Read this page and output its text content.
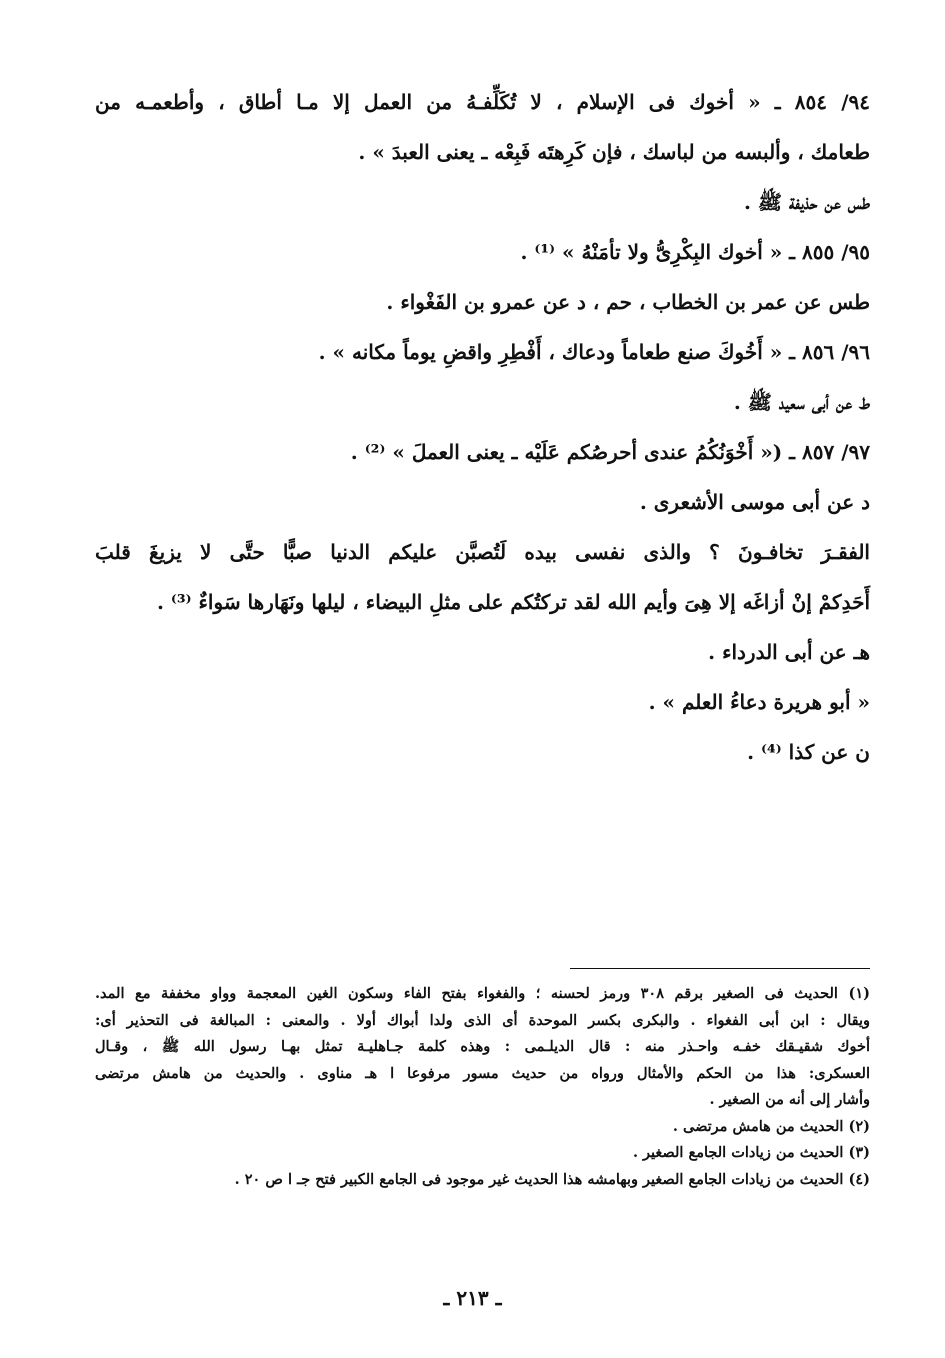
٩٤/ ٨٥٤ ـ « أخوك فى الإسلام ، لا تُكَلِّفـهُ من العمل إلا مـا أطاق ، وأطعمـه من
طعامك ، وألبسه من لباسك ، فإن كَرِهتَه فَبِعْه ـ يعنى العبدَ » .
طس عن حذيفة ﷺ .
٩٥/ ٨٥٥ ـ « أخوك البِكْرِىُّ ولا تأمَنْهُ » ⁽¹⁾ .
طس عن عمر بن الخطاب ، حم ، د عن عمرو بن الفَغْواء .
٩٦/ ٨٥٦ ـ « أَخُوكَ صنع طعاماً ودعاك ، أَفْطِرِ واقضِ يوماً مكانه » .
ط عن أبى سعيد ﷺ .
٩٧/ ٨٥٧ ـ (« أَخْوَنُكُمُ عندى أحرصُكم عَلَيْه ـ يعنى العملَ » ⁽²⁾ .
د عن أبى موسى الأشعرى .
الفقـرَ تخافـونَ ؟ والذى نفسى بيده لَتُصبَّن عليكم الدنيا صبًّا حتَّى لا يزيغَ قلبَ
أَحَدِكمْ إنْ أزاغَه إلا هِىَ وأيم الله لقد تركتُكم على مثلِ البيضاء ، ليلها ونَهَارها سَواءٌ ⁽³⁾ .
هـ عن أبى الدرداء .
« أبو هريرة دعاءُ العلم » .
ن عن كذا ⁽⁴⁾ .
(١) الحديث فى الصغير برقم ٣٠٨ ورمز لحسنه ؛ والفغواء بفتح الفاء وسكون الغين المعجمة وواو مخففة مع المد.
ويقال : ابن أبى الفغواء . والبكرى بكسر الموحدة أى الذى ولدا أبواك أولا . والمعنى : المبالغة فى التحذير أى:
أخوك شقيـقك خفـه واحـذر منه : قال الديلـمى : وهذه كلمة جـاهليـة تمثل بهـا رسول الله ﷺ ، وقـال
العسكرى: هذا من الحكم والأمثال ورواه من حديث مسور مرفوعا ا هـ مناوى . والحديث من هامش مرتضى
وأشار إلى أنه من الصغير .
(٢) الحديث من هامش مرتضى .
(٣) الحديث من زيادات الجامع الصغير .
(٤) الحديث من زيادات الجامع الصغير وبهامشه هذا الحديث غير موجود فى الجامع الكبير فتح جـ ا ص ٢٠ .
ـ ٢١٣ ـ
